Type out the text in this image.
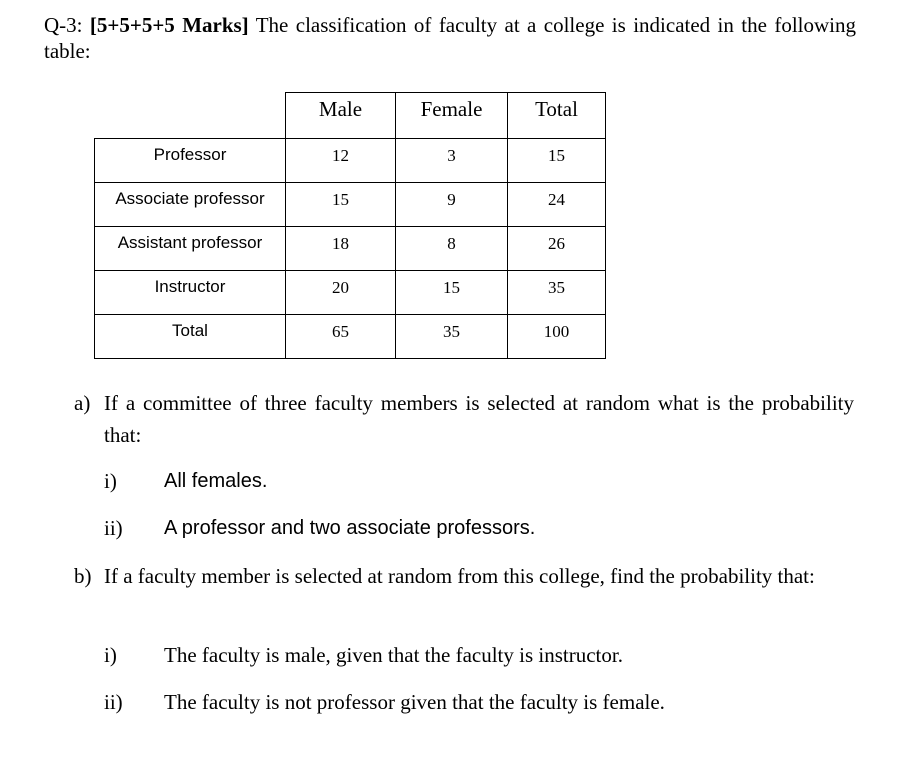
Q-3: [5+5+5+5 Marks] The classification of faculty at a college is indicated in the following table:
	Male	Female	Total
Professor	12	3	15
Associate professor	15	9	24
Assistant professor	18	8	26
Instructor	20	15	35
Total	65	35	100
a) If a committee of three faculty members is selected at random what is the probability that:
i) All females.
ii) A professor and two associate professors.
b) If a faculty member is selected at random from this college, find the probability that:
i) The faculty is male, given that the faculty is instructor.
ii) The faculty is not professor given that the faculty is female.
